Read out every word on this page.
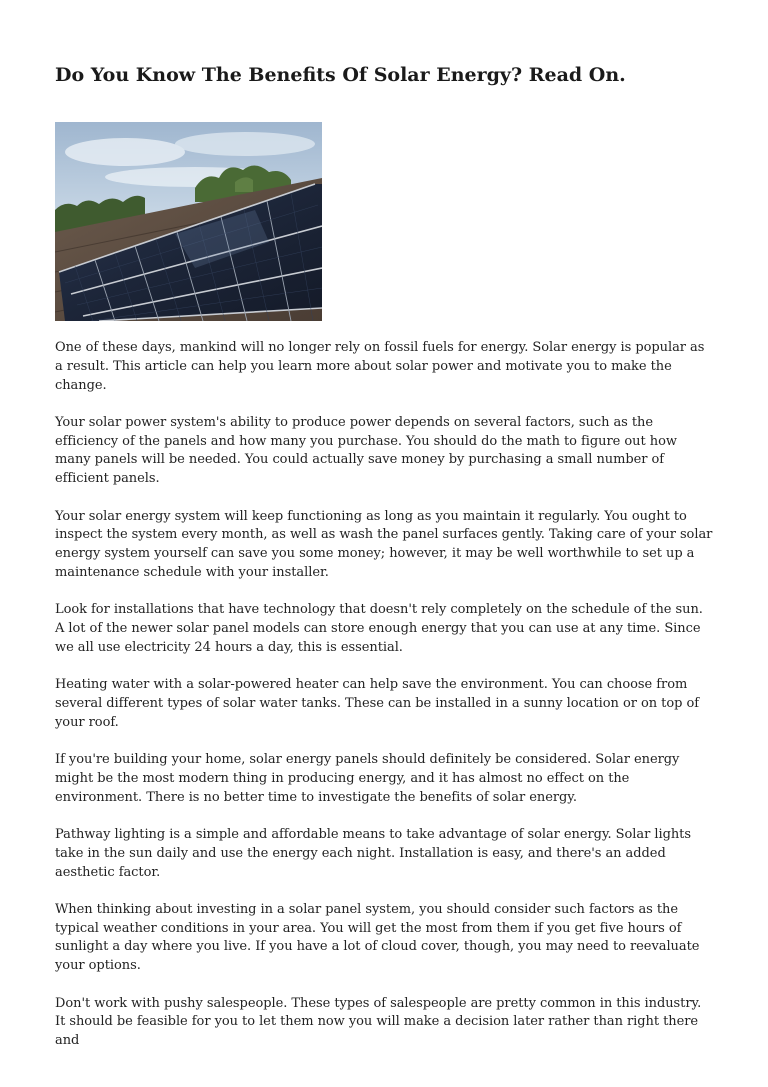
Do You Know The Benefits Of Solar Energy? Read On.

One of these days, mankind will no longer rely on fossil fuels for energy. Solar energy is popular as a result. This article can help you learn more about solar power and motivate you to make the change.

Your solar power system's ability to produce power depends on several factors, such as the efficiency of the panels and how many you purchase. You should do the math to figure out how many panels will be needed. You could actually save money by purchasing a small number of efficient panels.

Your solar energy system will keep functioning as long as you maintain it regularly. You ought to inspect the system every month, as well as wash the panel surfaces gently. Taking care of your solar energy system yourself can save you some money; however, it may be well worthwhile to set up a maintenance schedule with your installer.

Look for installations that have technology that doesn't rely completely on the schedule of the sun. A lot of the newer solar panel models can store enough energy that you can use at any time. Since we all use electricity 24 hours a day, this is essential.

Heating water with a solar-powered heater can help save the environment. You can choose from several different types of solar water tanks. These can be installed in a sunny location or on top of your roof.

If you're building your home, solar energy panels should definitely be considered. Solar energy might be the most modern thing in producing energy, and it has almost no effect on the environment. There is no better time to investigate the benefits of solar energy.

Pathway lighting is a simple and affordable means to take advantage of solar energy. Solar lights take in the sun daily and use the energy each night. Installation is easy, and there's an added aesthetic factor.

When thinking about investing in a solar panel system, you should consider such factors as the typical weather conditions in your area. You will get the most from them if you get five hours of sunlight a day where you live. If you have a lot of cloud cover, though, you may need to reevaluate your options.

Don't work with pushy salespeople. These types of salespeople are pretty common in this industry. It should be feasible for you to let them now you will make a decision later rather than right there and
